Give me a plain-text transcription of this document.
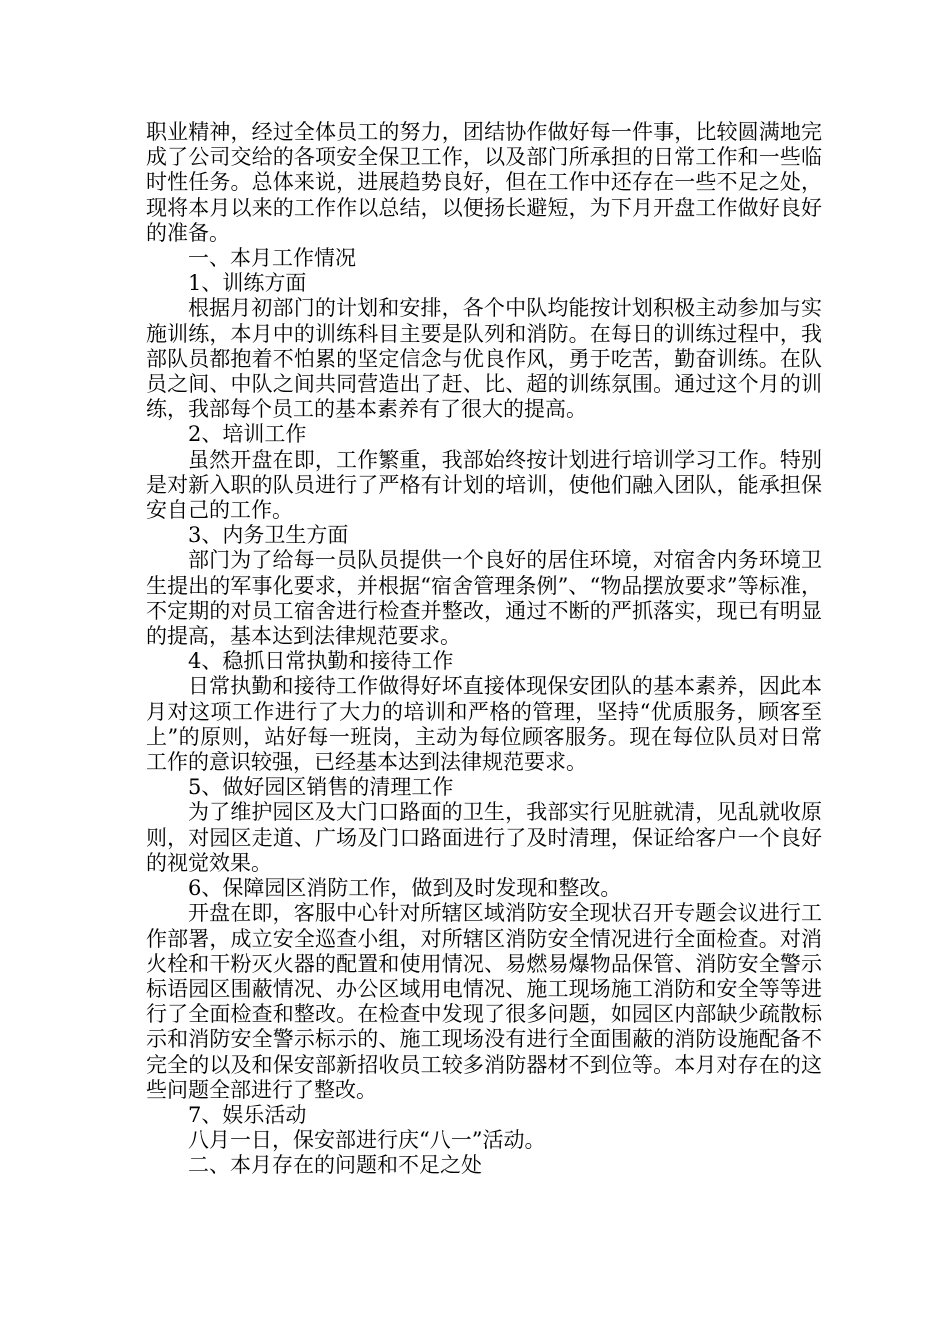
职业精神，经过全体员工的努力，团结协作做好每一件事，比较圆满地完成了公司交给的各项安全保卫工作，以及部门所承担的日常工作和一些临时性任务。总体来说，进展趋势良好，但在工作中还存在一些不足之处，现将本月以来的工作作以总结，以便扬长避短，为下月开盘工作做好良好的准备。

一、本月工作情况

1、训练方面

根据月初部门的计划和安排，各个中队均能按计划积极主动参加与实施训练，本月中的训练科目主要是队列和消防。在每日的训练过程中，我部队员都抱着不怕累的坚定信念与优良作风，勇于吃苦，勤奋训练。在队员之间、中队之间共同营造出了赶、比、超的训练氛围。通过这个月的训练，我部每个员工的基本素养有了很大的提高。

2、培训工作

虽然开盘在即，工作繁重，我部始终按计划进行培训学习工作。特别是对新入职的队员进行了严格有计划的培训，使他们融入团队，能承担保安自己的工作。

3、内务卫生方面

部门为了给每一员队员提供一个良好的居住环境，对宿舍内务环境卫生提出的军事化要求，并根据“宿舍管理条例”、“物品摆放要求”等标准，不定期的对员工宿舍进行检查并整改，通过不断的严抓落实，现已有明显的提高，基本达到法律规范要求。

4、稳抓日常执勤和接待工作

日常执勤和接待工作做得好坏直接体现保安团队的基本素养，因此本月对这项工作进行了大力的培训和严格的管理，坚持“优质服务，顾客至上”的原则，站好每一班岗，主动为每位顾客服务。现在每位队员对日常工作的意识较强，已经基本达到法律规范要求。

5、做好园区销售的清理工作

为了维护园区及大门口路面的卫生，我部实行见脏就清，见乱就收原则，对园区走道、广场及门口路面进行了及时清理，保证给客户一个良好的视觉效果。

6、保障园区消防工作，做到及时发现和整改。

开盘在即，客服中心针对所辖区域消防安全现状召开专题会议进行工作部署，成立安全巡查小组，对所辖区消防安全情况进行全面检查。对消火栓和干粉灭火器的配置和使用情况、易燃易爆物品保管、消防安全警示标语园区围蔽情况、办公区域用电情况、施工现场施工消防和安全等等进行了全面检查和整改。在检查中发现了很多问题，如园区内部缺少疏散标示和消防安全警示标示的、施工现场没有进行全面围蔽的消防设施配备不完全的以及和保安部新招收员工较多消防器材不到位等。本月对存在的这些问题全部进行了整改。

7、娱乐活动

八月一日，保安部进行庆“八一”活动。

二、本月存在的问题和不足之处
